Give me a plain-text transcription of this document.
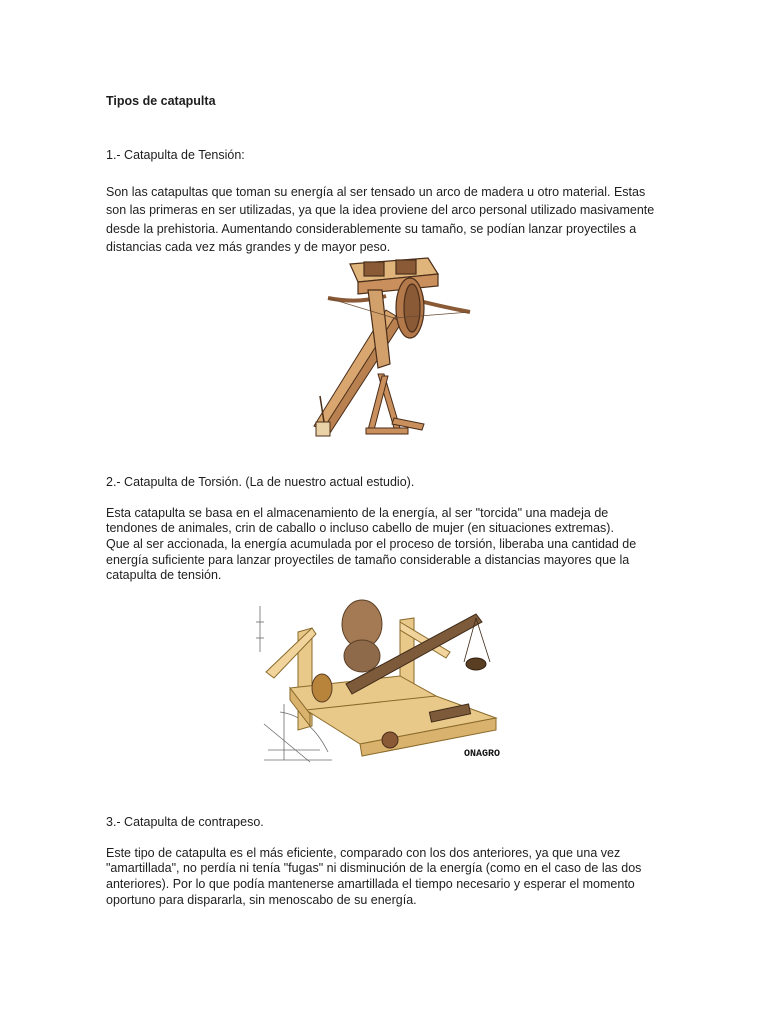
Tipos de catapulta

1.- Catapulta de Tensión:

Son las catapultas que toman su energía al ser tensado un arco de madera u otro material. Estas
son las primeras en ser utilizadas, ya que la idea proviene del arco personal utilizado masivamente
desde la prehistoria. Aumentando considerablemente su tamaño, se podían lanzar proyectiles a
distancias cada vez más grandes y de mayor peso.

2.- Catapulta de Torsión. (La de nuestro actual estudio).

Esta catapulta se basa en el almacenamiento de la energía, al ser "torcida" una madeja de
tendones de animales, crin de caballo o incluso cabello de mujer (en situaciones extremas).
Que al ser accionada, la energía acumulada por el proceso de torsión, liberaba una cantidad de
energía suficiente para lanzar proyectiles de tamaño considerable a distancias mayores que la
catapulta de tensión.

ONAGRO

3.- Catapulta de contrapeso.

Este tipo de catapulta es el más eficiente, comparado con los dos anteriores, ya que una vez
"amartillada", no perdía ni tenía "fugas" ni disminución de la energía (como en el caso de las dos
anteriores). Por lo que podía mantenerse amartillada el tiempo necesario y esperar el momento
oportuno para dispararla, sin menoscabo de su energía.
